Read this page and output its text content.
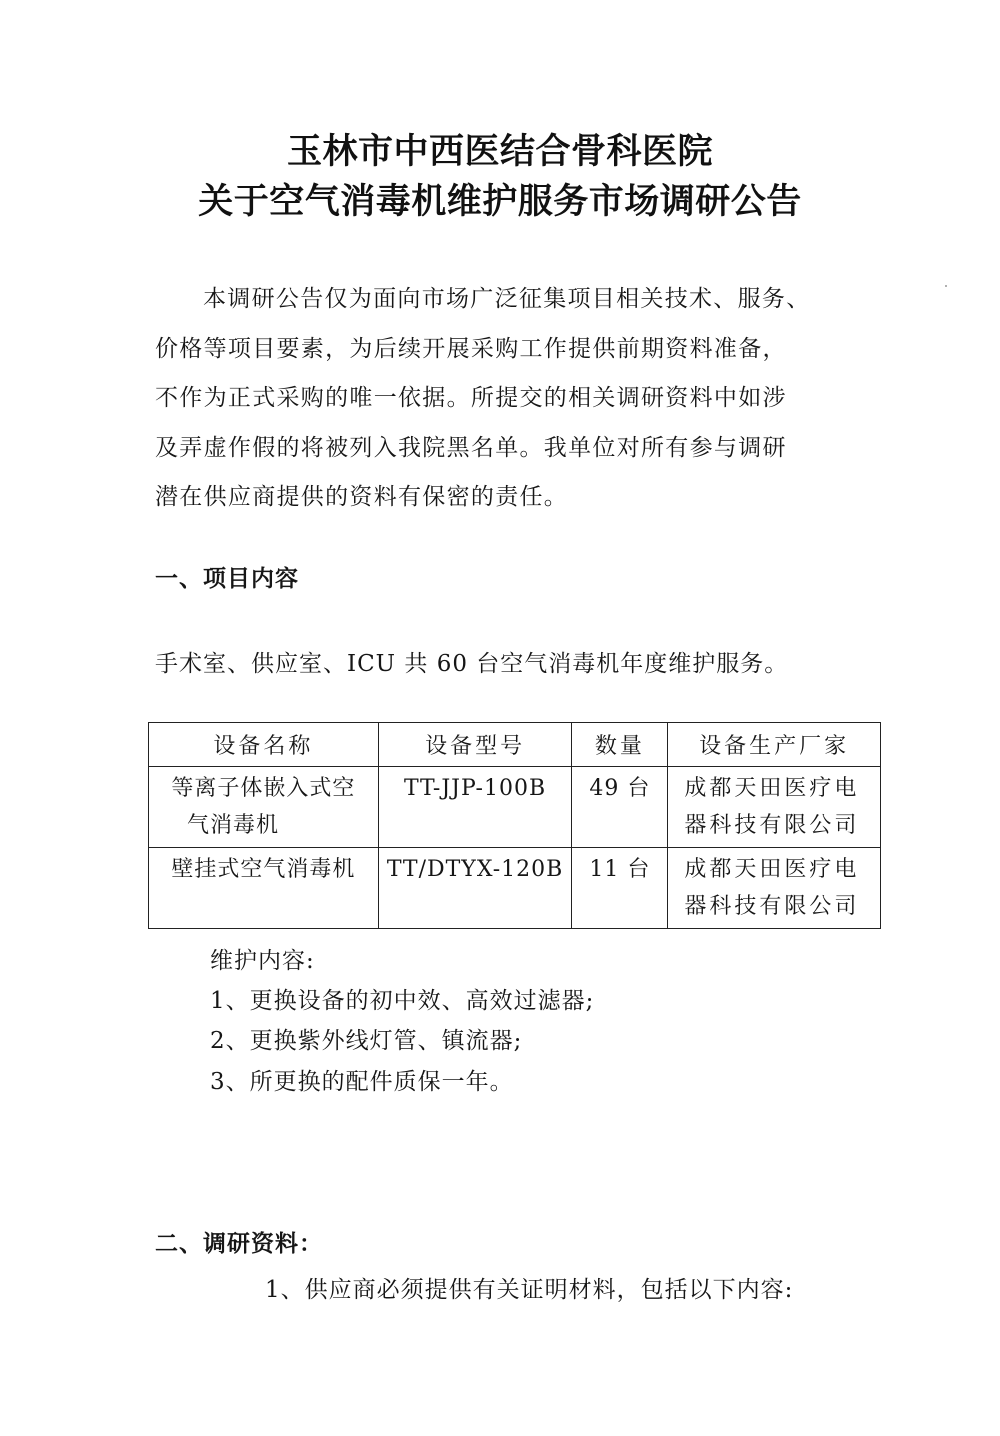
玉林市中西医结合骨科医院
关于空气消毒机维护服务市场调研公告

本调研公告仅为面向市场广泛征集项目相关技术、服务、
价格等项目要素，为后续开展采购工作提供前期资料准备，
不作为正式采购的唯一依据。所提交的相关调研资料中如涉
及弄虚作假的将被列入我院黑名单。我单位对所有参与调研
潜在供应商提供的资料有保密的责任。

一、项目内容
手术室、供应室、ICU 共 60 台空气消毒机年度维护服务。
设备名称	设备型号	数量	设备生产厂家

等离子体嵌入式空
气消毒机	TT-JJP-100B	49 台	成都天田医疗电
器科技有限公司

壁挂式空气消毒机	TT/DTYX-120B	11 台	成都天田医疗电
器科技有限公司
维护内容:
1、更换设备的初中效、高效过滤器;
2、更换紫外线灯管、镇流器;
3、所更换的配件质保一年。
二、调研资料：
1、供应商必须提供有关证明材料，包括以下内容:
